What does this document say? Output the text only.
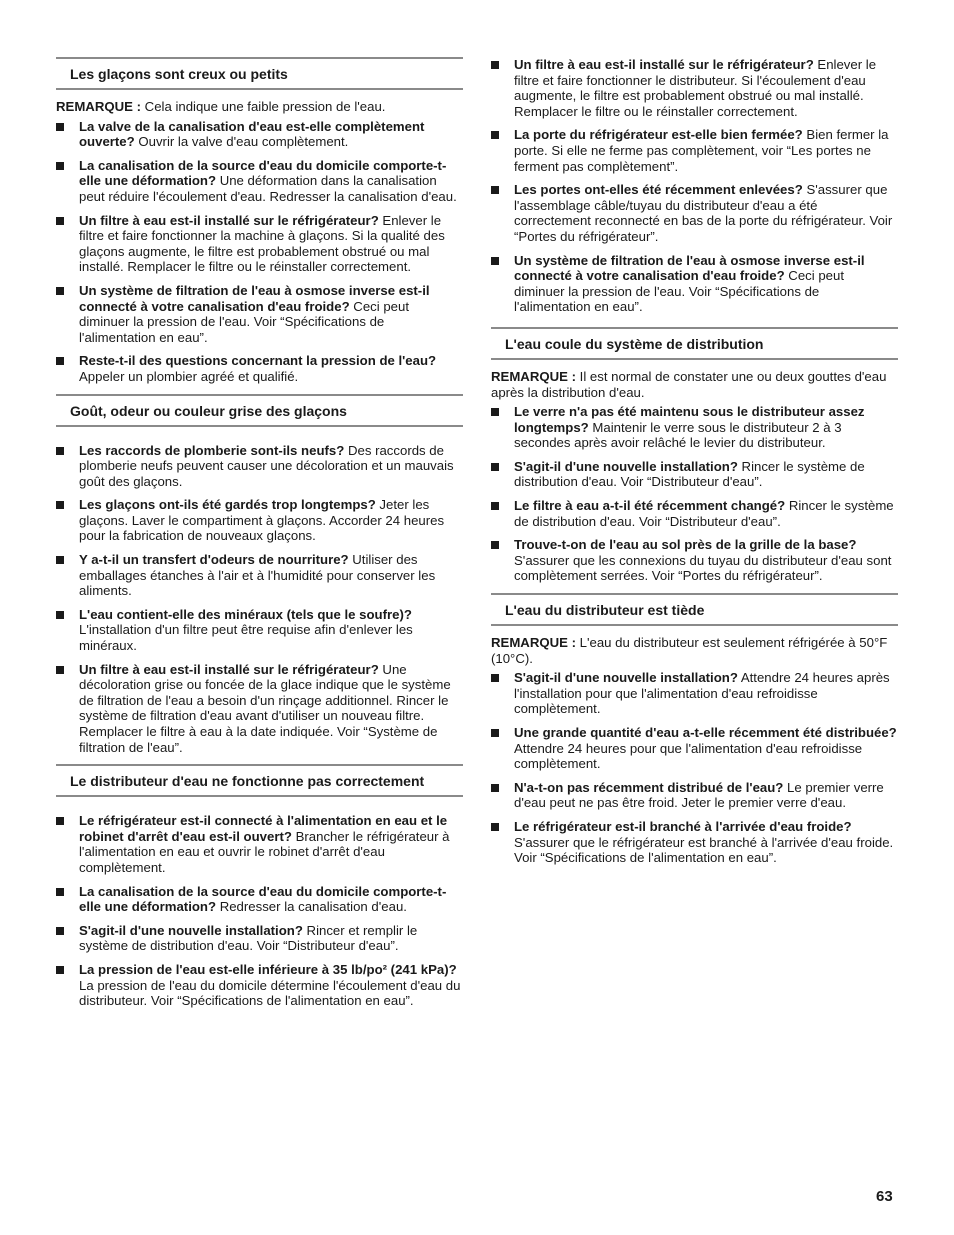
Les glaçons sont creux ou petits

REMARQUE : Cela indique une faible pression de l'eau.

La valve de la canalisation d'eau est-elle complètement ouverte? Ouvrir la valve d'eau complètement.
La canalisation de la source d'eau du domicile comporte-t-elle une déformation? Une déformation dans la canalisation peut réduire l'écoulement d'eau. Redresser la canalisation d'eau.
Un filtre à eau est-il installé sur le réfrigérateur? Enlever le filtre et faire fonctionner la machine à glaçons. Si la qualité des glaçons augmente, le filtre est probablement obstrué ou mal installé. Remplacer le filtre ou le réinstaller correctement.
Un système de filtration de l'eau à osmose inverse est-il connecté à votre canalisation d'eau froide? Ceci peut diminuer la pression de l'eau. Voir “Spécifications de l'alimentation en eau”.
Reste-t-il des questions concernant la pression de l'eau? Appeler un plombier agréé et qualifié.
Goût, odeur ou couleur grise des glaçons
Les raccords de plomberie sont-ils neufs? Des raccords de plomberie neufs peuvent causer une décoloration et un mauvais goût des glaçons.
Les glaçons ont-ils été gardés trop longtemps? Jeter les glaçons. Laver le compartiment à glaçons. Accorder 24 heures pour la fabrication de nouveaux glaçons.
Y a-t-il un transfert d'odeurs de nourriture? Utiliser des emballages étanches à l'air et à l'humidité pour conserver les aliments.
L'eau contient-elle des minéraux (tels que le soufre)? L'installation d'un filtre peut être requise afin d'enlever les minéraux.
Un filtre à eau est-il installé sur le réfrigérateur? Une décoloration grise ou foncée de la glace indique que le système de filtration de l'eau a besoin d'un rinçage additionnel. Rincer le système de filtration d'eau avant d'utiliser un nouveau filtre. Remplacer le filtre à eau à la date indiquée. Voir “Système de filtration de l'eau”.
Le distributeur d'eau ne fonctionne pas correctement
Le réfrigérateur est-il connecté à l'alimentation en eau et le robinet d'arrêt d'eau est-il ouvert? Brancher le réfrigérateur à l'alimentation en eau et ouvrir le robinet d'arrêt d'eau complètement.
La canalisation de la source d'eau du domicile comporte-t-elle une déformation? Redresser la canalisation d'eau.
S'agit-il d'une nouvelle installation? Rincer et remplir le système de distribution d'eau. Voir “Distributeur d'eau”.
La pression de l'eau est-elle inférieure à 35 lb/po² (241 kPa)? La pression de l'eau du domicile détermine l'écoulement d'eau du distributeur. Voir “Spécifications de l'alimentation en eau”.
Un filtre à eau est-il installé sur le réfrigérateur? Enlever le filtre et faire fonctionner le distributeur. Si l'écoulement d'eau augmente, le filtre est probablement obstrué ou mal installé. Remplacer le filtre ou le réinstaller correctement.
La porte du réfrigérateur est-elle bien fermée? Bien fermer la porte. Si elle ne ferme pas complètement, voir “Les portes ne ferment pas complètement”.
Les portes ont-elles été récemment enlevées? S'assurer que l'assemblage câble/tuyau du distributeur d'eau a été correctement reconnecté en bas de la porte du réfrigérateur. Voir “Portes du réfrigérateur”.
Un système de filtration de l'eau à osmose inverse est-il connecté à votre canalisation d'eau froide? Ceci peut diminuer la pression de l'eau. Voir “Spécifications de l'alimentation en eau”.
L'eau coule du système de distribution

REMARQUE : Il est normal de constater une ou deux gouttes d'eau après la distribution d'eau.

Le verre n'a pas été maintenu sous le distributeur assez longtemps? Maintenir le verre sous le distributeur 2 à 3 secondes après avoir relâché le levier du distributeur.
S'agit-il d'une nouvelle installation? Rincer le système de distribution d'eau. Voir “Distributeur d'eau”.
Le filtre à eau a-t-il été récemment changé? Rincer le système de distribution d'eau. Voir “Distributeur d'eau”.
Trouve-t-on de l'eau au sol près de la grille de la base? S'assurer que les connexions du tuyau du distributeur d'eau sont complètement serrées. Voir “Portes du réfrigérateur”.
L'eau du distributeur est tiède

REMARQUE : L'eau du distributeur est seulement réfrigérée à 50°F (10°C).

S'agit-il d'une nouvelle installation? Attendre 24 heures après l'installation pour que l'alimentation d'eau refroidisse complètement.
Une grande quantité d'eau a-t-elle récemment été distribuée? Attendre 24 heures pour que l'alimentation d'eau refroidisse complètement.
N'a-t-on pas récemment distribué de l'eau? Le premier verre d'eau peut ne pas être froid. Jeter le premier verre d'eau.
Le réfrigérateur est-il branché à l'arrivée d'eau froide? S'assurer que le réfrigérateur est branché à l'arrivée d'eau froide. Voir “Spécifications de l'alimentation en eau”.
63
